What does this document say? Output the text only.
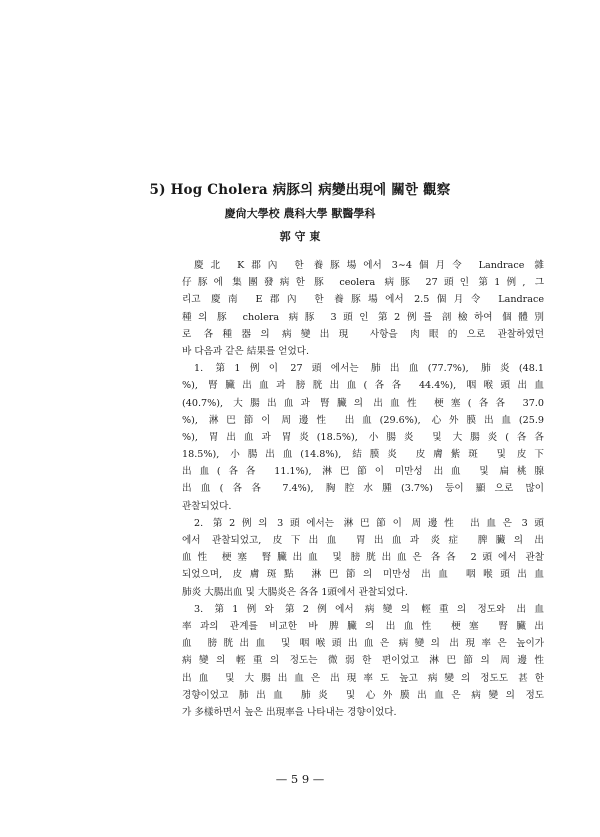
5) Hog Cholera 病豚의 病變出現에 關한 觀察
慶尙大學校 農科大學 獸醫學科
郭 守 東
慶北 K郡內 한 養豚場에서 3∼4個月令 Landrace 雜
仔豚에 集團發病한 豚 ceolera 病豚 27頭인 第1例, 그
리고 慶南 E郡內 한 養豚場에서 2.5個月令 Landrace
種의 豚 cholera 病豚 3頭인 第2例를 剖檢하여 個體別
로 各種器의 病變出現 사항을 肉眼的으로 관찰하였던
바 다음과 같은 結果를 얻었다.
1. 第1例이 27頭에서는 肺出血(77.7%), 肺炎(48.1
%), 腎臟出血과 膀胱出血(各各 44.4%), 咽喉頭出血
(40.7%), 大腸出血과 腎臟의 出血性 梗塞(各各 37.0
%), 淋巴節이 周邊性 出血(29.6%), 心外膜出血(25.9
%), 胃出血과 胃炎(18.5%), 小腸炎 및 大腸炎(各各
18.5%), 小腸出血(14.8%), 結膜炎 皮膚紫斑 및 皮下
出血(各各 11.1%), 淋巴節이 미만성 出血 및 扁桃腺
出血(各各 7.4%), 胸腔水腫(3.7%) 등이 顯으로 많이
관찰되었다.
2. 第2例의 3頭에서는 淋巴節이 周邊性 出血은 3頭
에서 관찰되었고, 皮下出血 胃出血과 炎症 脾臟의 出
血性 梗塞 腎臟出血 및 膀胱出血은 各各 2頭에서 관찰
되었으며, 皮膚斑點 淋巴節의 미만성 出血 咽喉頭出血
肺炎 大腸出血 및 大腸炎은 各各 1頭에서 관찰되었다.
3. 第1例와 第2例에서 病變의 輕重의 정도와 出血
率과의 관계를 비교한 바 脾臟의 出血性 梗塞 腎臟出
血 膀胱出血 및 咽喉頭出血은 病變의 出現率은 높이가
病變의 輕重의 정도는 微弱한 편이었고 淋巴節의 周邊性
出血 및 大腸出血은 出現率도 높고 病變의 정도도 甚한
경향이었고 肺出血 肺炎 및 心外膜出血은 病變의 정도
가 多樣하면서 높은 出現率을 나타내는 경향이었다.
— 5 9 —
